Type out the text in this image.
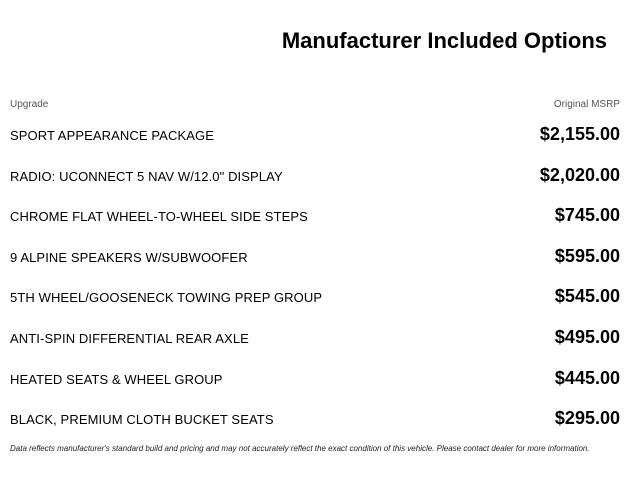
Manufacturer Included Options
Upgrade	Original MSRP
SPORT APPEARANCE PACKAGE	$2,155.00
RADIO: UCONNECT 5 NAV W/12.0" DISPLAY	$2,020.00
CHROME FLAT WHEEL-TO-WHEEL SIDE STEPS	$745.00
9 ALPINE SPEAKERS W/SUBWOOFER	$595.00
5TH WHEEL/GOOSENECK TOWING PREP GROUP	$545.00
ANTI-SPIN DIFFERENTIAL REAR AXLE	$495.00
HEATED SEATS & WHEEL GROUP	$445.00
BLACK, PREMIUM CLOTH BUCKET SEATS	$295.00
Data reflects manufacturer's standard build and pricing and may not accurately reflect the exact condition of this vehicle. Please contact dealer for more information.
